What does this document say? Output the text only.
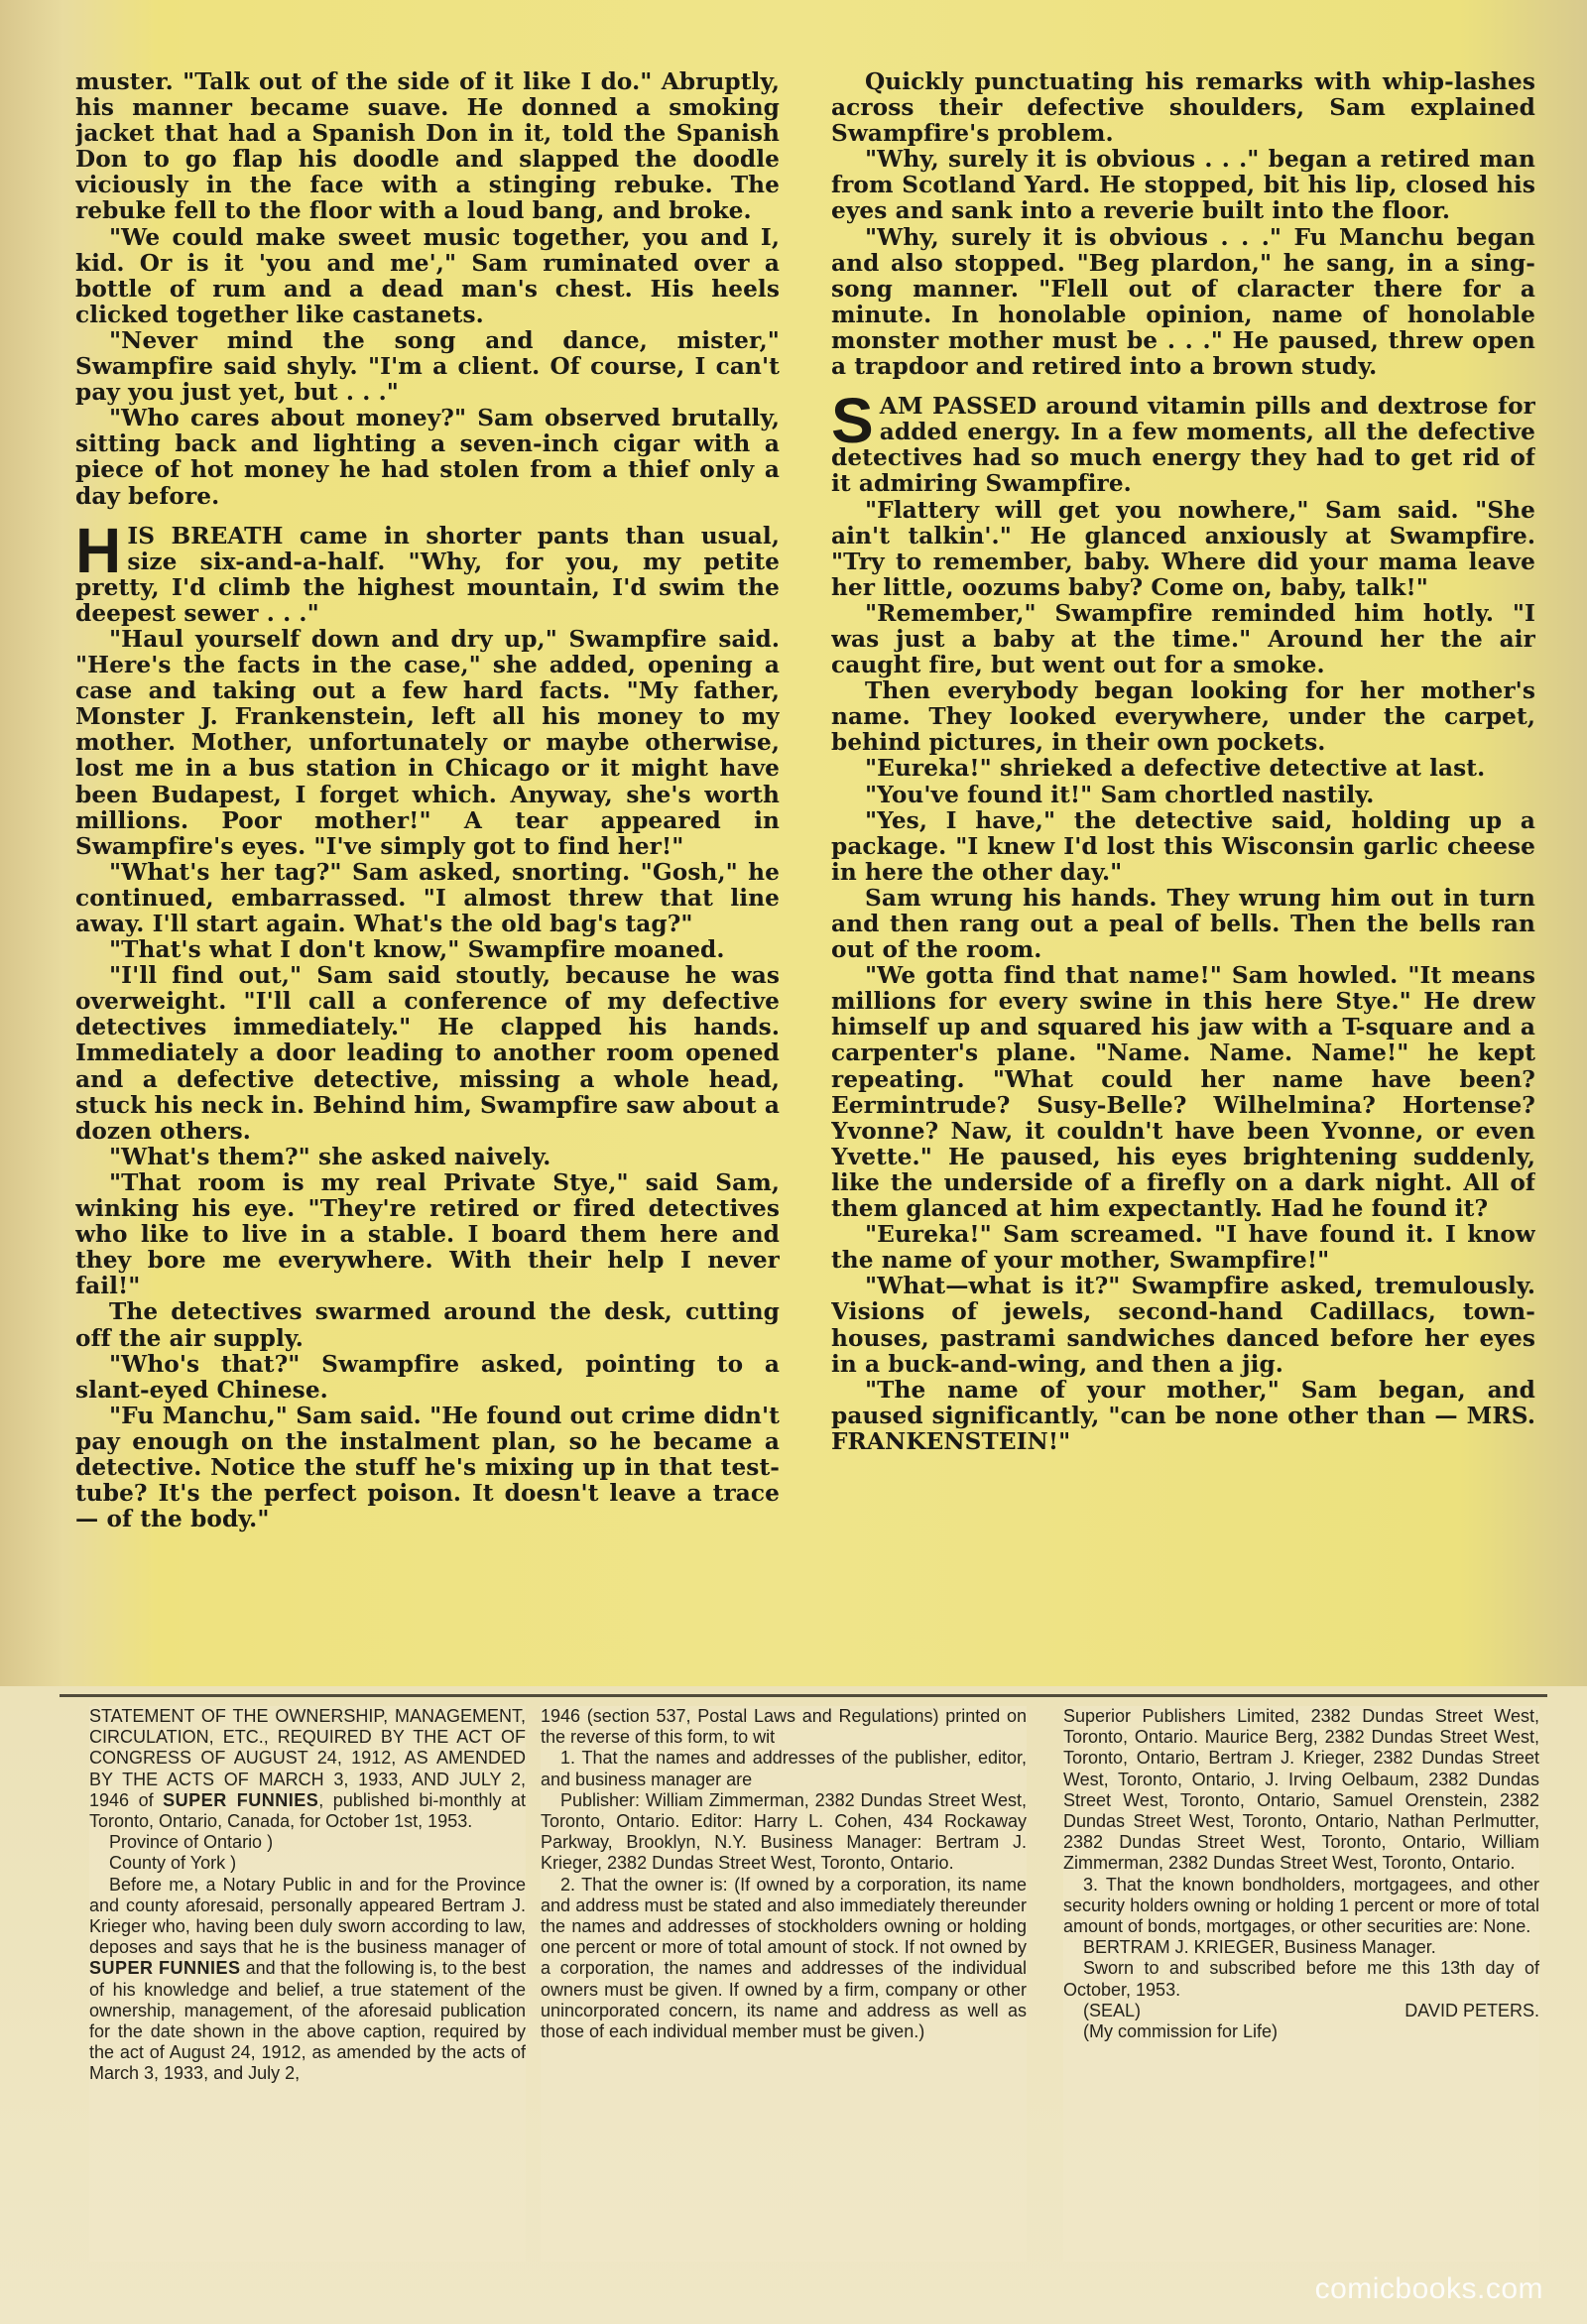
muster. "Talk out of the side of it like I do." Abruptly, his manner became suave. He donned a smoking jacket that had a Spanish Don in it, told the Spanish Don to go flap his doodle and slapped the doodle viciously in the face with a stinging rebuke. The rebuke fell to the floor with a loud bang, and broke.

"We could make sweet music together, you and I, kid. Or is it 'you and me'," Sam ruminated over a bottle of rum and a dead man's chest. His heels clicked together like castanets.

"Never mind the song and dance, mister," Swampfire said shyly. "I'm a client. Of course, I can't pay you just yet, but . . ."

"Who cares about money?" Sam observed brutally, sitting back and lighting a seven-inch cigar with a piece of hot money he had stolen from a thief only a day before.

HIS BREATH came in shorter pants than usual, size six-and-a-half. "Why, for you, my petite pretty, I'd climb the highest mountain, I'd swim the deepest sewer . . ."

"Haul yourself down and dry up," Swampfire said. "Here's the facts in the case," she added, opening a case and taking out a few hard facts. "My father, Monster J. Frankenstein, left all his money to my mother. Mother, unfortunately or maybe otherwise, lost me in a bus station in Chicago or it might have been Budapest, I forget which. Anyway, she's worth millions. Poor mother!" A tear appeared in Swampfire's eyes. "I've simply got to find her!"

"What's her tag?" Sam asked, snorting. "Gosh," he continued, embarrassed. "I almost threw that line away. I'll start again. What's the old bag's tag?"

"That's what I don't know," Swampfire moaned.

"I'll find out," Sam said stoutly, because he was overweight. "I'll call a conference of my defective detectives immediately." He clapped his hands. Immediately a door leading to another room opened and a defective detective, missing a whole head, stuck his neck in. Behind him, Swampfire saw about a dozen others.

"What's them?" she asked naively.

"That room is my real Private Stye," said Sam, winking his eye. "They're retired or fired detectives who like to live in a stable. I board them here and they bore me everywhere. With their help I never fail!"

The detectives swarmed around the desk, cutting off the air supply.

"Who's that?" Swampfire asked, pointing to a slant-eyed Chinese.

"Fu Manchu," Sam said. "He found out crime didn't pay enough on the instalment plan, so he became a detective. Notice the stuff he's mixing up in that test-tube? It's the perfect poison. It doesn't leave a trace — of the body."

Quickly punctuating his remarks with whip-lashes across their defective shoulders, Sam explained Swampfire's problem.

"Why, surely it is obvious . . ." began a retired man from Scotland Yard. He stopped, bit his lip, closed his eyes and sank into a reverie built into the floor.

"Why, surely it is obvious . . ." Fu Manchu began and also stopped. "Beg plardon," he sang, in a sing-song manner. "Flell out of claracter there for a minute. In honolable opinion, name of honolable monster mother must be . . ." He paused, threw open a trapdoor and retired into a brown study.

SAM PASSED around vitamin pills and dextrose for added energy. In a few moments, all the defective detectives had so much energy they had to get rid of it admiring Swampfire.

"Flattery will get you nowhere," Sam said. "She ain't talkin'." He glanced anxiously at Swampfire. "Try to remember, baby. Where did your mama leave her little, oozums baby? Come on, baby, talk!"

"Remember," Swampfire reminded him hotly. "I was just a baby at the time." Around her the air caught fire, but went out for a smoke.

Then everybody began looking for her mother's name. They looked everywhere, under the carpet, behind pictures, in their own pockets.

"Eureka!" shrieked a defective detective at last.

"You've found it!" Sam chortled nastily.

"Yes, I have," the detective said, holding up a package. "I knew I'd lost this Wisconsin garlic cheese in here the other day."

Sam wrung his hands. They wrung him out in turn and then rang out a peal of bells. Then the bells ran out of the room.

"We gotta find that name!" Sam howled. "It means millions for every swine in this here Stye." He drew himself up and squared his jaw with a T-square and a carpenter's plane. "Name. Name. Name!" he kept repeating. "What could her name have been? Eermintrude? Susy-Belle? Wilhelmina? Hortense? Yvonne? Naw, it couldn't have been Yvonne, or even Yvette." He paused, his eyes brightening suddenly, like the underside of a firefly on a dark night. All of them glanced at him expectantly. Had he found it?

"Eureka!" Sam screamed. "I have found it. I know the name of your mother, Swampfire!"

"What—what is it?" Swampfire asked, tremulously. Visions of jewels, second-hand Cadillacs, town-houses, pastrami sandwiches danced before her eyes in a buck-and-wing, and then a jig.

"The name of your mother," Sam began, and paused significantly, "can be none other than — MRS. FRANKENSTEIN!"

STATEMENT OF THE OWNERSHIP, MANAGEMENT, CIRCULATION, ETC., REQUIRED BY THE ACT OF CONGRESS OF AUGUST 24, 1912, AS AMENDED BY THE ACTS OF MARCH 3, 1933, AND JULY 2, 1946 of SUPER FUNNIES, published bi-monthly at Toronto, Ontario, Canada, for October 1st, 1953.

Province of Ontario )

County of York )

Before me, a Notary Public in and for the Province and county aforesaid, personally appeared Bertram J. Krieger who, having been duly sworn according to law, deposes and says that he is the business manager of SUPER FUNNIES and that the following is, to the best of his knowledge and belief, a true statement of the ownership, management, of the aforesaid publication for the date shown in the above caption, required by the act of August 24, 1912, as amended by the acts of March 3, 1933, and July 2,

1946 (section 537, Postal Laws and Regulations) printed on the reverse of this form, to wit

1. That the names and addresses of the publisher, editor, and business manager are

Publisher: William Zimmerman, 2382 Dundas Street West, Toronto, Ontario. Editor: Harry L. Cohen, 434 Rockaway Parkway, Brooklyn, N.Y. Business Manager: Bertram J. Krieger, 2382 Dundas Street West, Toronto, Ontario.

2. That the owner is: (If owned by a corporation, its name and address must be stated and also immediately thereunder the names and addresses of stockholders owning or holding one percent or more of total amount of stock. If not owned by a corporation, the names and addresses of the individual owners must be given. If owned by a firm, company or other unincorporated concern, its name and address as well as those of each individual member must be given.)

Superior Publishers Limited, 2382 Dundas Street West, Toronto, Ontario. Maurice Berg, 2382 Dundas Street West, Toronto, Ontario, Bertram J. Krieger, 2382 Dundas Street West, Toronto, Ontario, J. Irving Oelbaum, 2382 Dundas Street West, Toronto, Ontario, Samuel Orenstein, 2382 Dundas Street West, Toronto, Ontario, Nathan Perlmutter, 2382 Dundas Street West, Toronto, Ontario, William Zimmerman, 2382 Dundas Street West, Toronto, Ontario.

3. That the known bondholders, mortgagees, and other security holders owning or holding 1 percent or more of total amount of bonds, mortgages, or other securities are: None.

BERTRAM J. KRIEGER, Business Manager.

Sworn to and subscribed before me this 13th day of October, 1953.

(SEAL)	DAVID PETERS.

(My commission for Life)

comicbooks.com
